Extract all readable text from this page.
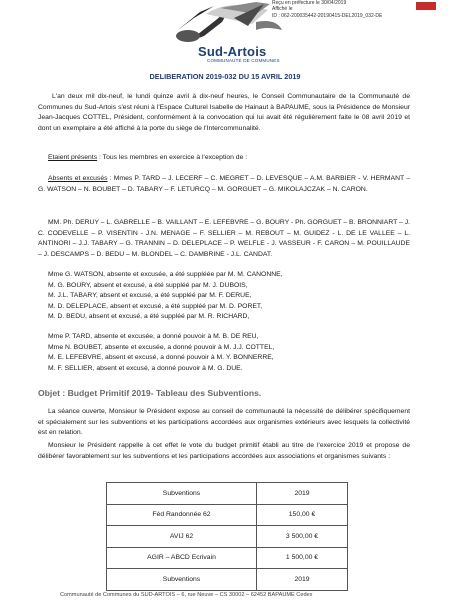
Reçu en préfecture le 30/04/2019
Affiché le
ID : 062-200035442-20190415-DEL2019_032-DE
Sud-Artois
COMMUNAUTÉ DE COMMUNES
DELIBERATION 2019-032 DU 15 AVRIL 2019
L'an deux mil dix-neuf, le lundi quinze avril à dix-neuf heures, le Conseil Communautaire de la Communauté de Communes du Sud-Artois s'est réuni à l'Espace Culturel Isabelle de Hainaut à BAPAUME, sous la Présidence de Monsieur Jean-Jacques COTTEL, Président, conformément à la convocation qui lui avait été régulièrement faite le 08 avril 2019 et dont un exemplaire a été affiché à la porte du siège de l'Intercommunalité.
Etaient présents : Tous les membres en exercice à l'exception de :
Absents et excusés : Mmes P. TARD – J. LECERF – C. MEGRET – D. LEVESQUE – A.M. BARBIER - V. HERMANT – G. WATSON – N. BOUBET – D. TABARY – F. LETURCQ – M. GORGUET – G. MIKOLAJCZAK – N. CARON.
MM. Ph. DERUY – L. GABRELLE – B. VAILLANT – E. LEFEBVRE – G. BOURY - Ph. GORGUET – B. BRONNIART – J. C. CODEVELLE – P. VISENTIN - J.N. MENAGE – F. SELLIER – M. REBOUT – M. GUIDEZ - L. DE LE VALLEE – L. ANTINORI – J.J. TABARY – G. TRANNIN – D. DELEPLACE – P. WELFLE - J. VASSEUR - F. CARON – M. POUILLAUDE – J. DESCAMPS – D. BEDU – M. BLONDEL – C. DAMBRINE - J.L. CANDAT.
Mme G. WATSON, absente et excusée, a été suppléée par M. M. CANONNE,
M. G. BOURY, absent et excusé, a été suppléé par M. J. DUBOIS,
M. J.L. TABARY, absent et excusé, a été suppléé par M. F. DERUE,
M. D. DELEPLACE, absent et excusé, a été suppléé par M. D. PORET,
M. D. BEDU, absent et excusé, a été suppléé par M. R. RICHARD,
Mme P. TARD, absente et excusée, a donné pouvoir à M. B. DE REU,
Mme N. BOUBET, absente et excusée, a donné pouvoir à M. J.J. COTTEL,
M. E. LEFEBVRE, absent et excusé, a donné pouvoir à M. Y. BONNERRE,
M. F. SELLIER, absent et excusé, a donné pouvoir à M. G. DUE.
Objet : Budget Primitif 2019- Tableau des Subventions.
La séance ouverte, Monsieur le Président expose au conseil de communauté la nécessité de délibérer spécifiquement et spécialement sur les subventions et les participations accordées aux organismes extérieurs avec lesquels la collectivité est en relation.
Monsieur le Président rappelle à cet effet le vote du budget primitif établi au titre de l'exercice 2019 et propose de délibérer favorablement sur les subventions et les participations accordées aux associations et organismes suivants :
Subventions	2019
Féd Randonnée 62	150,00 €
AVIJ 62	3 500,00 €
AGIR – ABCD Ecrivain	1 500,00 €
Subventions	2019
Communauté de Communes du SUD-ARTOIS – 6, rue Neuve – CS 30002 – 62452 BAPAUME Cedex
